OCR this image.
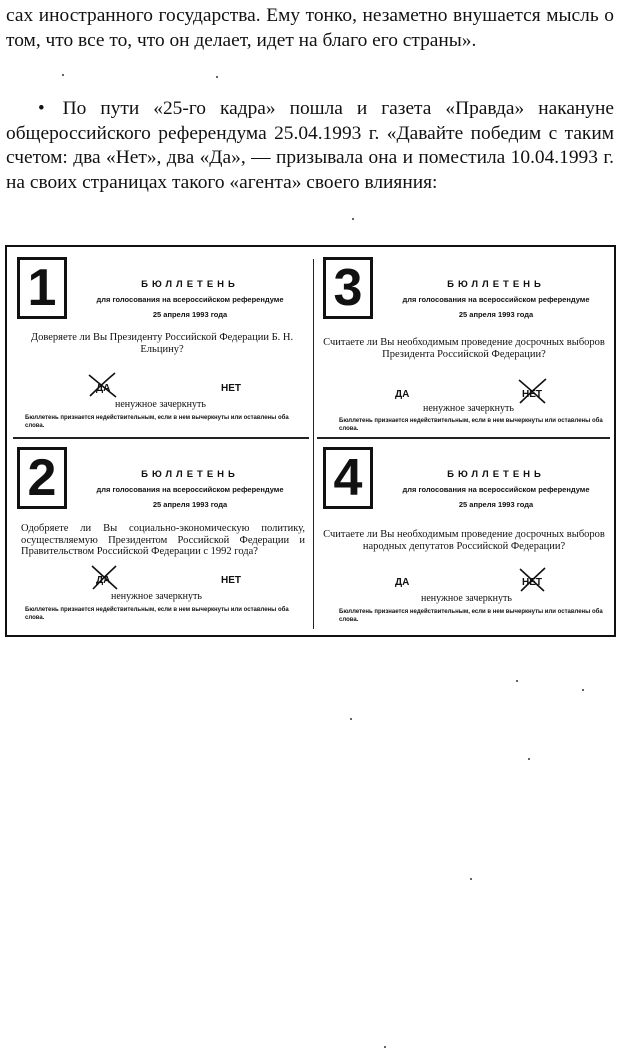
сах иностранного государства. Ему тонко, незаметно внушается мысль о том, что все то, что он делает, идет на благо его страны».

• По пути «25-го кадра» пошла и газета «Правда» накануне общероссийского референдума 25.04.1993 г. «Давайте победим с таким счетом: два «Нет», два «Да», — призывала она и поместила 10.04.1993 г. на своих страницах такого «агента» своего влияния:

1	БЮЛЛЕТЕНЬ
для голосования на всероссийском референдуме
25 апреля 1993 года
Доверяете ли Вы Президенту Российской Федерации Б. Н. Ельцину?
ДА	НЕТ
ненужное зачеркнуть
Бюллетень признается недействительным, если в нем вычеркнуты или оставлены оба слова.
3	БЮЛЛЕТЕНЬ
для голосования на всероссийском референдуме
25 апреля 1993 года
Считаете ли Вы необходимым проведение досрочных выборов Президента Российской Федерации?
ДА	НЕТ
ненужное зачеркнуть
Бюллетень признается недействительным, если в нем вычеркнуты или оставлены оба слова.
2	БЮЛЛЕТЕНЬ
для голосования на всероссийском референдуме
25 апреля 1993 года
Одобряете ли Вы социально-экономическую политику, осуществляемую Президентом Российской Федерации и Правительством Российской Федерации с 1992 года?
ДА	НЕТ
ненужное зачеркнуть
Бюллетень признается недействительным, если в нем вычеркнуты или оставлены оба слова.
4	БЮЛЛЕТЕНЬ
для голосования на всероссийском референдуме
25 апреля 1993 года
Считаете ли Вы необходимым проведение досрочных выборов народных депутатов Российской Федерации?
ДА	НЕТ
ненужное зачеркнуть
Бюллетень признается недействительным, если в нем вычеркнуты или оставлены оба слова.
